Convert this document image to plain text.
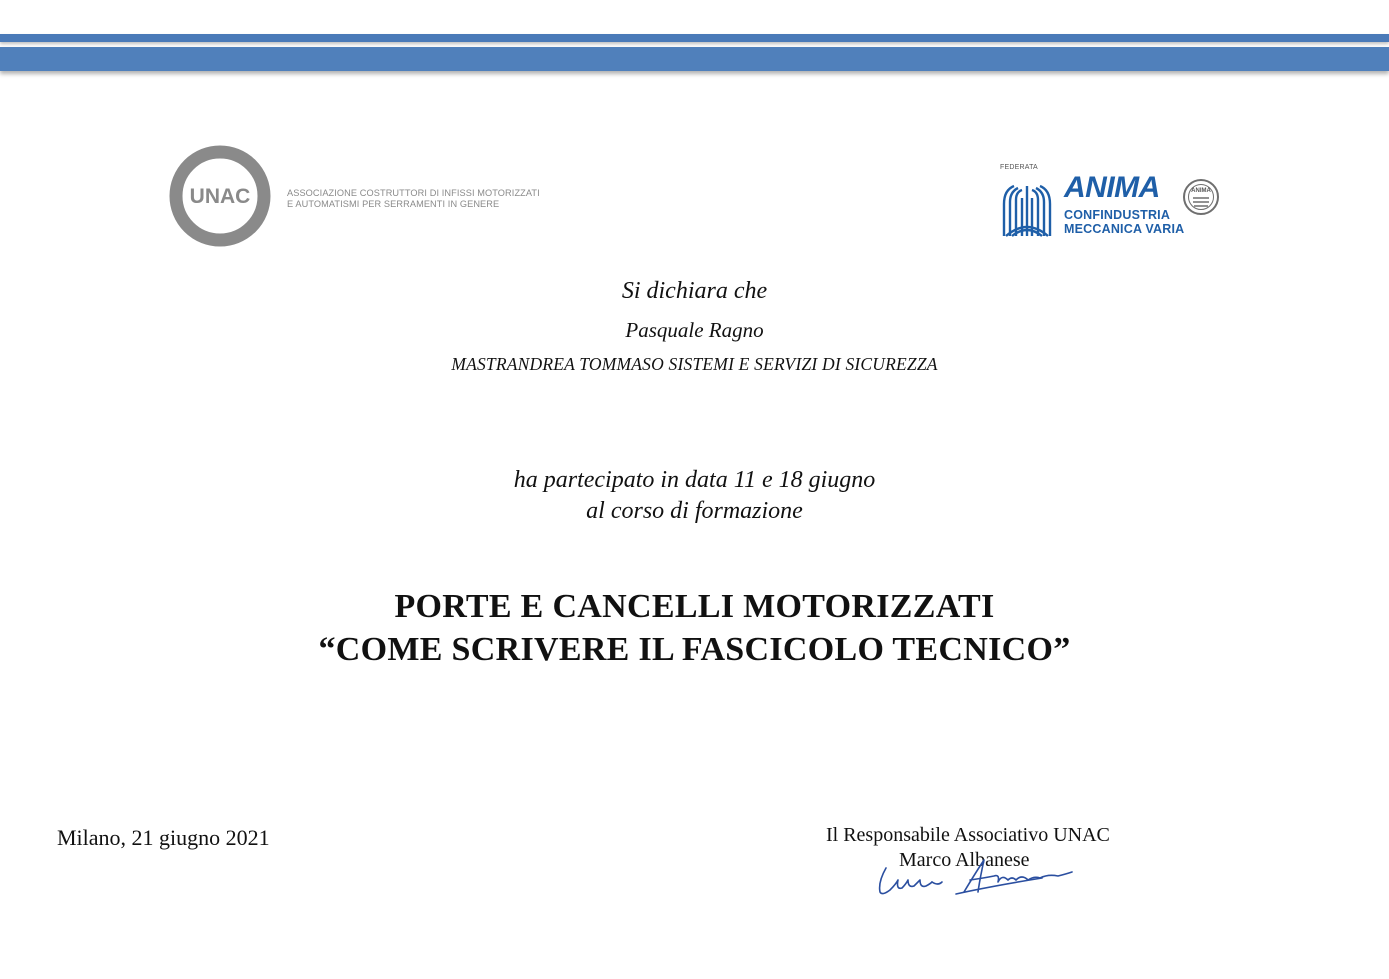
UNAC	ASSOCIAZIONE COSTRUTTORI DI INFISSI MOTORIZZATI
E AUTOMATISMI PER SERRAMENTI IN GENERE
FEDERATA
ANIMA
CONFINDUSTRIA
MECCANICA VARIA
ANIMA
Si dichiara che
Pasquale Ragno
MASTRANDREA TOMMASO SISTEMI E SERVIZI DI SICUREZZA
ha partecipato in data 11 e 18 giugno
al corso di formazione
PORTE E CANCELLI MOTORIZZATI
“COME SCRIVERE IL FASCICOLO TECNICO”
Milano, 21 giugno 2021	Il Responsabile Associativo UNAC
Marco Albanese
